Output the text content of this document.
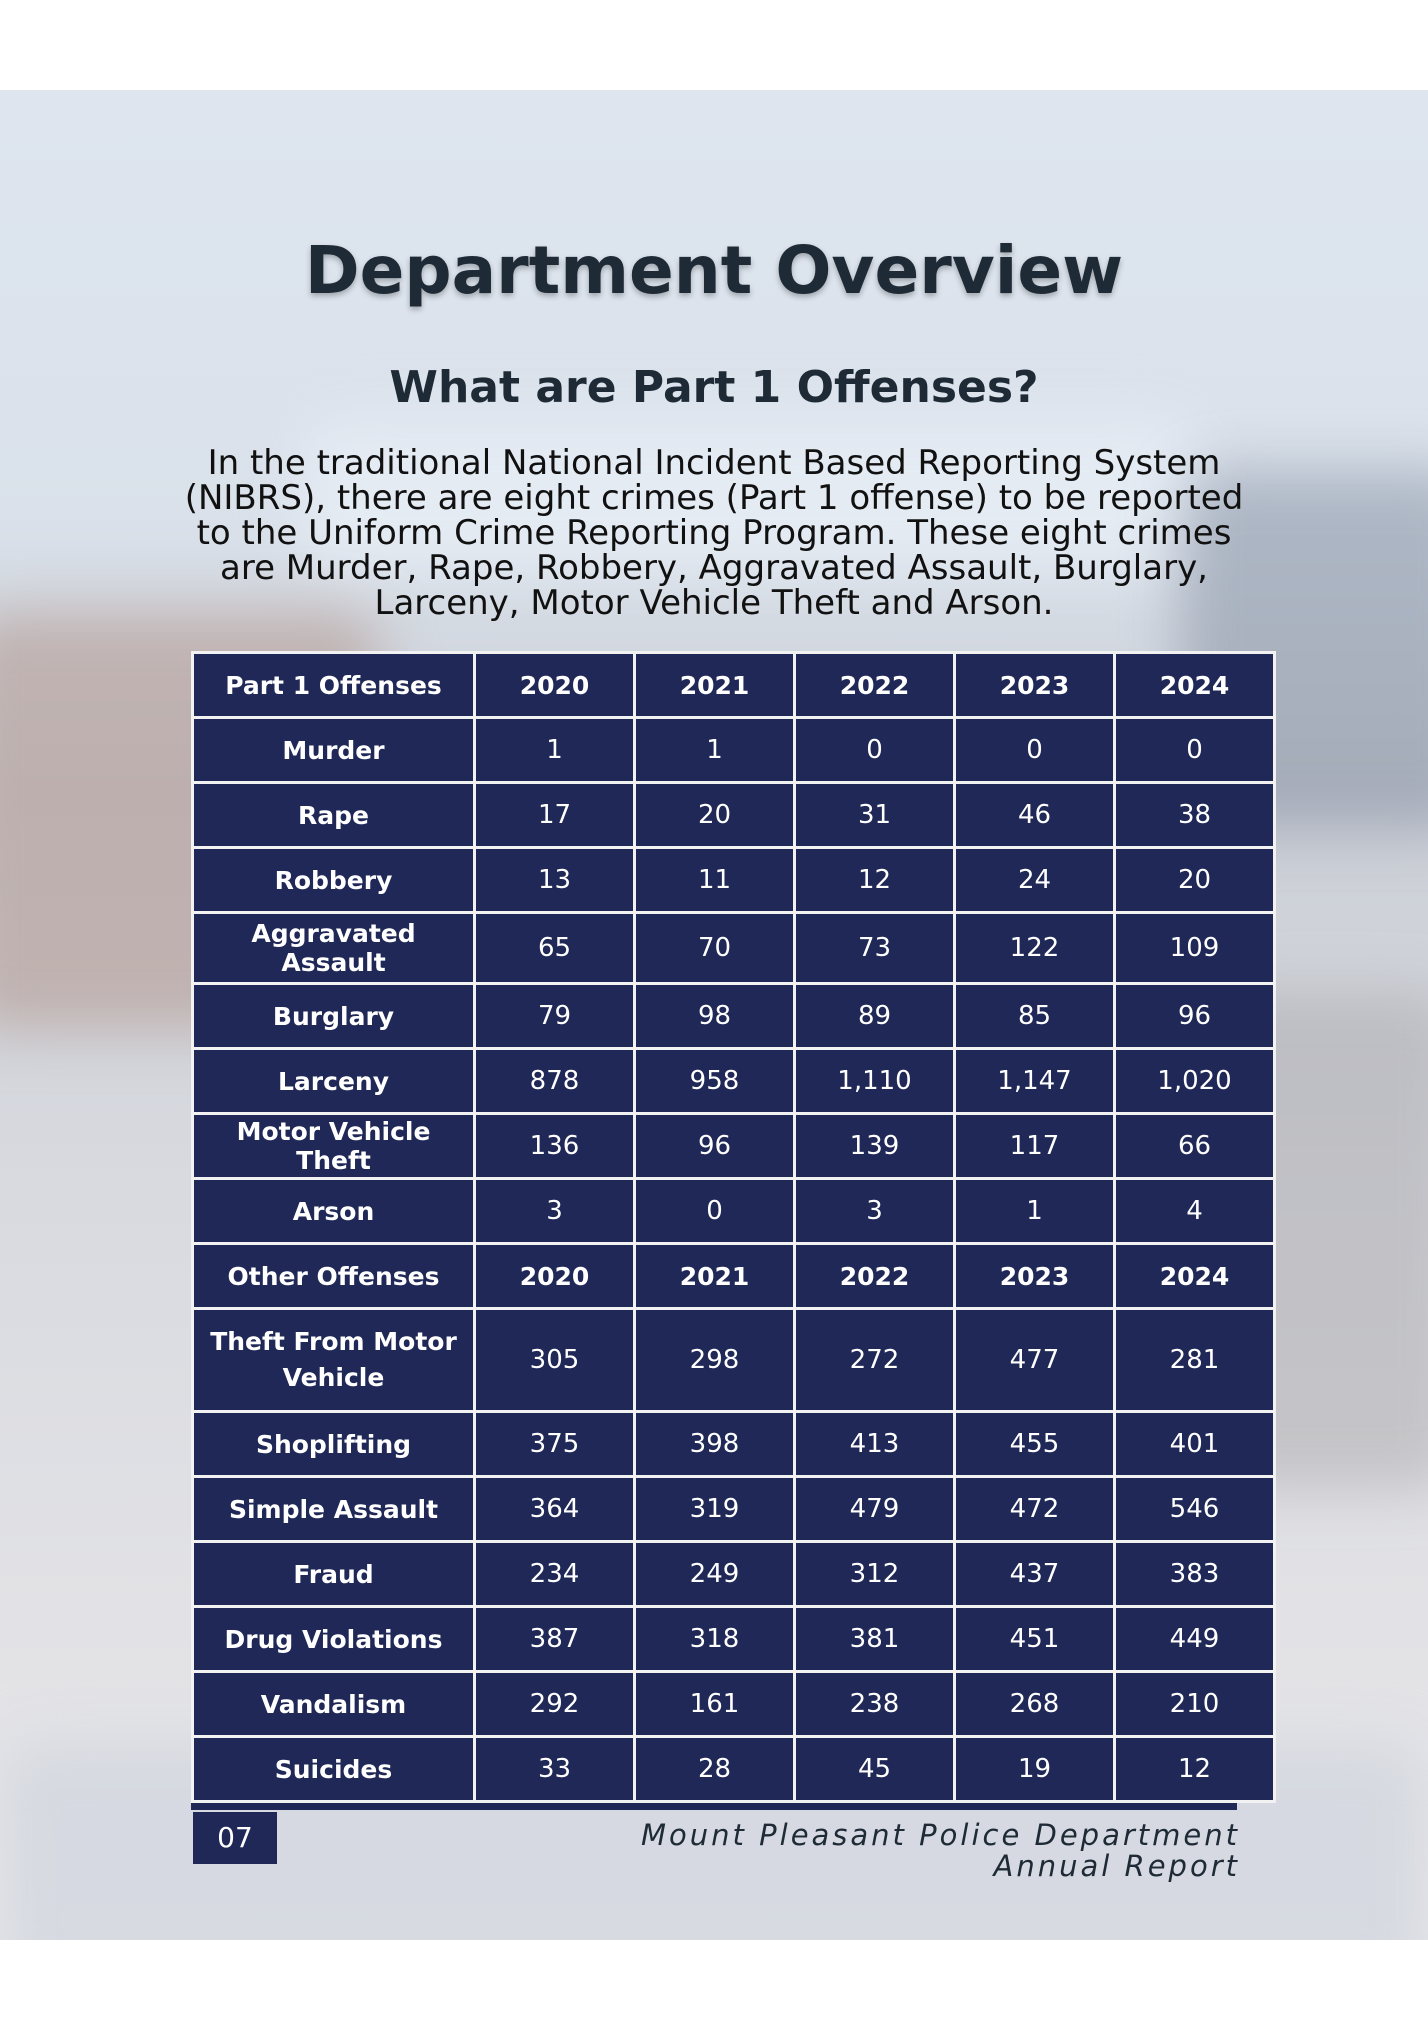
Department Overview
What are Part 1 Offenses?

In the traditional National Incident Based Reporting System (NIBRS), there are eight crimes (Part 1 offense) to be reported to the Uniform Crime Reporting Program. These eight crimes are Murder, Rape, Robbery, Aggravated Assault, Burglary, Larceny, Motor Vehicle Theft and Arson.

Part 1 Offenses	2020	2021	2022	2023	2024
Murder	1	1	0	0	0
Rape	17	20	31	46	38
Robbery	13	11	12	24	20
Aggravated Assault	65	70	73	122	109
Burglary	79	98	89	85	96
Larceny	878	958	1,110	1,147	1,020
Motor Vehicle Theft	136	96	139	117	66
Arson	3	0	3	1	4
Other Offenses	2020	2021	2022	2023	2024
Theft From Motor Vehicle	305	298	272	477	281
Shoplifting	375	398	413	455	401
Simple Assault	364	319	479	472	546
Fraud	234	249	312	437	383
Drug Violations	387	318	381	451	449
Vandalism	292	161	238	268	210
Suicides	33	28	45	19	12
07	Mount Pleasant Police Department Annual Report
